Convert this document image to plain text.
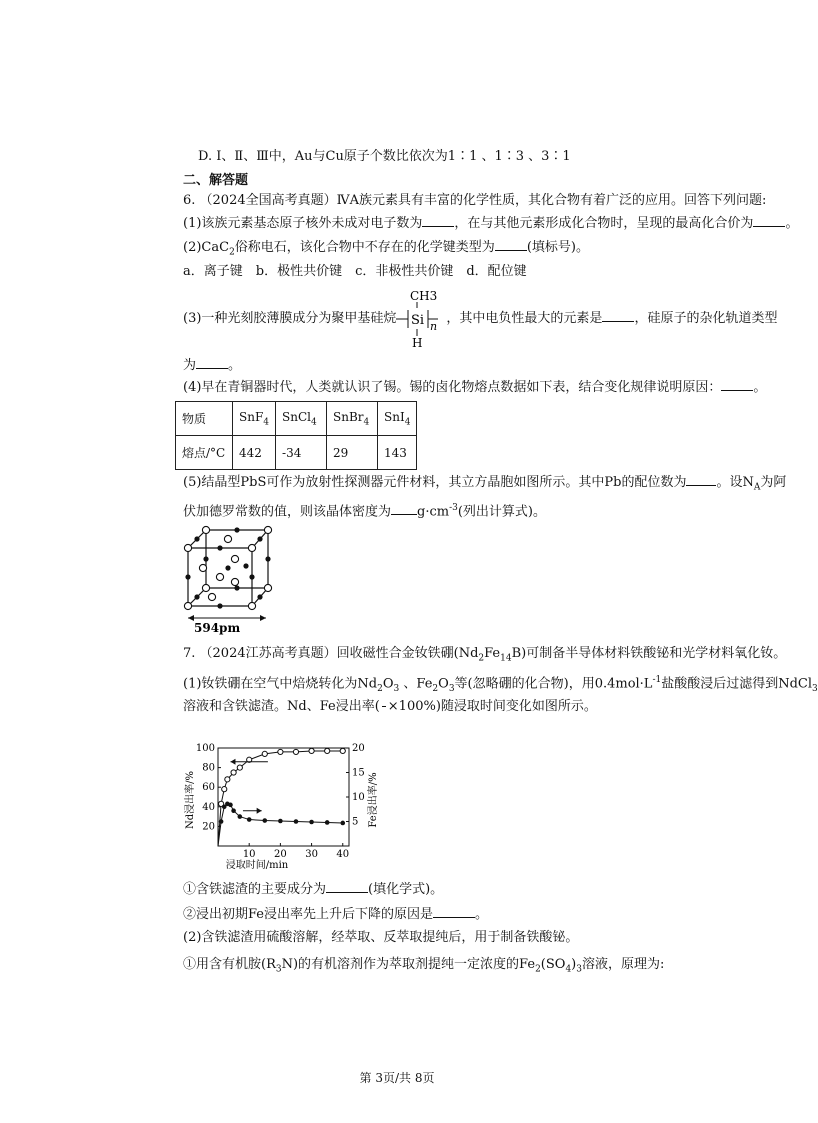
D. Ⅰ、Ⅱ、Ⅲ中，Au与Cu原子个数比依次为1∶1 、1∶3 、3∶1
二、解答题
6. （2024全国高考真题）ⅣA族元素具有丰富的化学性质，其化合物有着广泛的应用。回答下列问题:
(1)该族元素基态原子核外未成对电子数为 ，在与其他元素形成化合物时，呈现的最高化合价为 。
(2)CaC$_2$俗称电石，该化合物中不存在的化学键类型为 (填标号)。
a．离子键　b．极性共价键　c．非极性共价键　d．配位键
(3)一种光刻胶薄膜成分为聚甲基硅烷
CH3
Si n
H
，其中电负性最大的元素是 ，硅原子的杂化轨道类型
为 。
(4)早在青铜器时代，人类就认识了锡。锡的卤化物熔点数据如下表，结合变化规律说明原因： 。
物质	SnF$_4$	SnCl$_4$	SnBr$_4$	SnI$_4$
熔点/°C	442	-34	29	143
(5)结晶型PbS可作为放射性探测器元件材料，其立方晶胞如图所示。其中Pb的配位数为 。设$N_A$为阿
伏加德罗常数的值，则该晶体密度为 $g\cdot cm^{-3}$(列出计算式)。
594pm
7. （2024江苏高考真题）回收磁性合金钕铁硼$(Nd_2Fe_{14}B)$可制备半导体材料铁酸铋和光学材料氧化钕。
(1)钕铁硼在空气中焙烧转化为$Nd_2O_3$ 、$Fe_2O_3$等(忽略硼的化合物)，用$0.4mol\cdot L^{-1}$盐酸酸浸后过滤得到NdCl$_3$
溶液和含铁滤渣。Nd、Fe浸出率( ×100%)随浸取时间变化如图所示。
10 20 30 40
20
40
60
80
100
5
10
15
20
浸取时间/min
Nd浸出率/%	Fe浸出率/%
①含铁滤渣的主要成分为	(填化学式)。
②浸出初期Fe浸出率先上升后下降的原因是	。
(2)含铁滤渣用硫酸溶解，经萃取、反萃取提纯后，用于制备铁酸铋。
①用含有机胺$(R_3N)$的有机溶剂作为萃取剂提纯一定浓度的$Fe_2(SO_4)_3$溶液，原理为:
第 3页/共 8页
